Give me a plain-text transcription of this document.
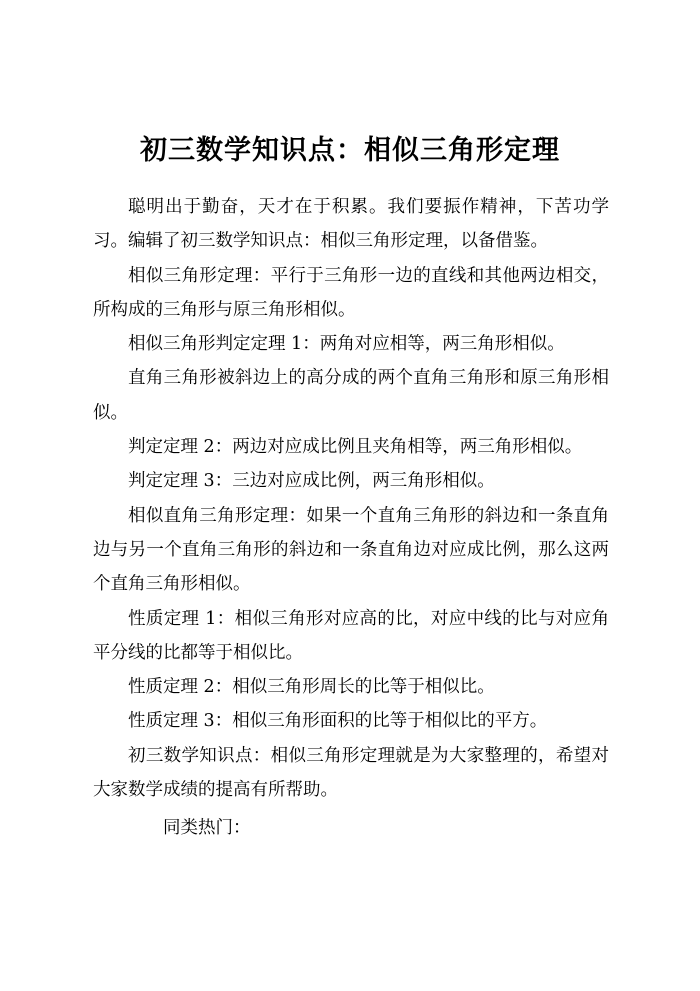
初三数学知识点：相似三角形定理

聪明出于勤奋，天才在于积累。我们要振作精神，下苦功学习。编辑了初三数学知识点：相似三角形定理，以备借鉴。

相似三角形定理：平行于三角形一边的直线和其他两边相交，所构成的三角形与原三角形相似。

相似三角形判定定理 1：两角对应相等，两三角形相似。

直角三角形被斜边上的高分成的两个直角三角形和原三角形相似。

判定定理 2：两边对应成比例且夹角相等，两三角形相似。

判定定理 3：三边对应成比例，两三角形相似。

相似直角三角形定理：如果一个直角三角形的斜边和一条直角边与另一个直角三角形的斜边和一条直角边对应成比例，那么这两个直角三角形相似。

性质定理 1：相似三角形对应高的比，对应中线的比与对应角平分线的比都等于相似比。

性质定理 2：相似三角形周长的比等于相似比。

性质定理 3：相似三角形面积的比等于相似比的平方。

初三数学知识点：相似三角形定理就是为大家整理的，希望对大家数学成绩的提高有所帮助。

同类热门：
